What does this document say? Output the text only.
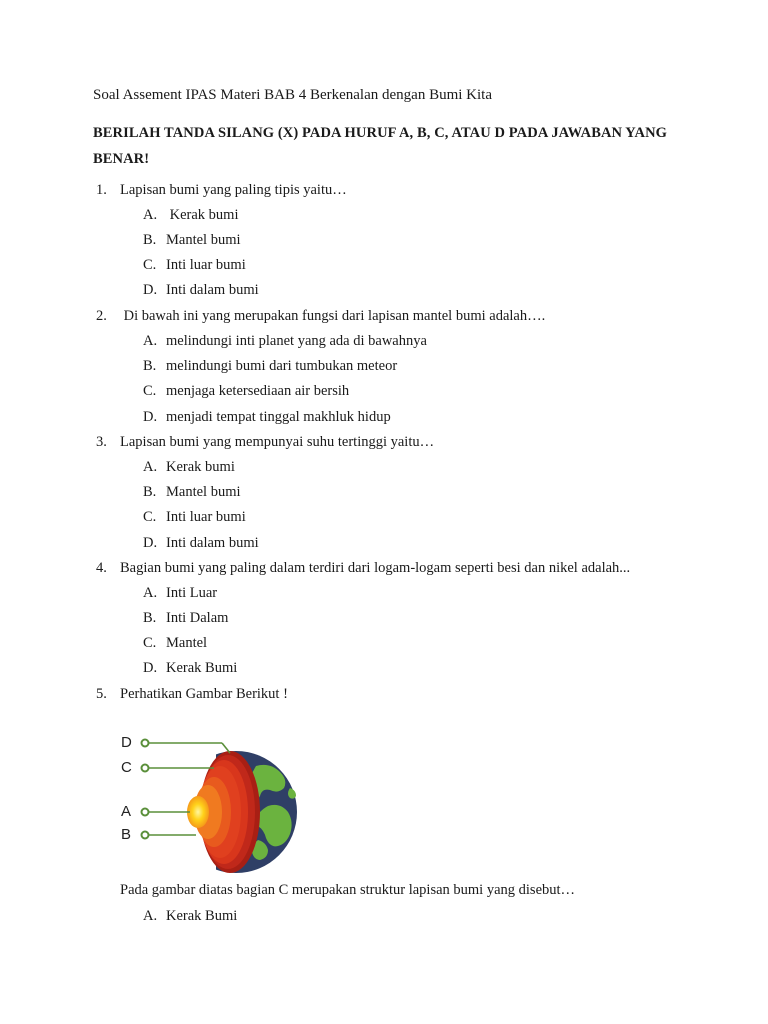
Soal Assement IPAS Materi BAB 4 Berkenalan dengan Bumi Kita
BERILAH TANDA SILANG (X) PADA HURUF A, B, C, ATAU D PADA JAWABAN YANG BENAR!
1. Lapisan bumi yang paling tipis yaitu…
A. Kerak bumi
B. Mantel bumi
C. Inti luar bumi
D. Inti dalam bumi
2. Di bawah ini yang merupakan fungsi dari lapisan mantel bumi adalah….
A. melindungi inti planet yang ada di bawahnya
B. melindungi bumi dari tumbukan meteor
C. menjaga ketersediaan air bersih
D. menjadi tempat tinggal makhluk hidup
3. Lapisan bumi yang mempunyai suhu tertinggi yaitu…
A. Kerak bumi
B. Mantel bumi
C. Inti luar bumi
D. Inti dalam bumi
4. Bagian bumi yang paling dalam terdiri dari logam-logam seperti besi dan nikel adalah...
A. Inti Luar
B. Inti Dalam
C. Mantel
D. Kerak Bumi
5. Perhatikan Gambar Berikut !
D
C
A
B
Pada gambar diatas bagian C merupakan struktur lapisan bumi yang disebut…
A. Kerak Bumi
